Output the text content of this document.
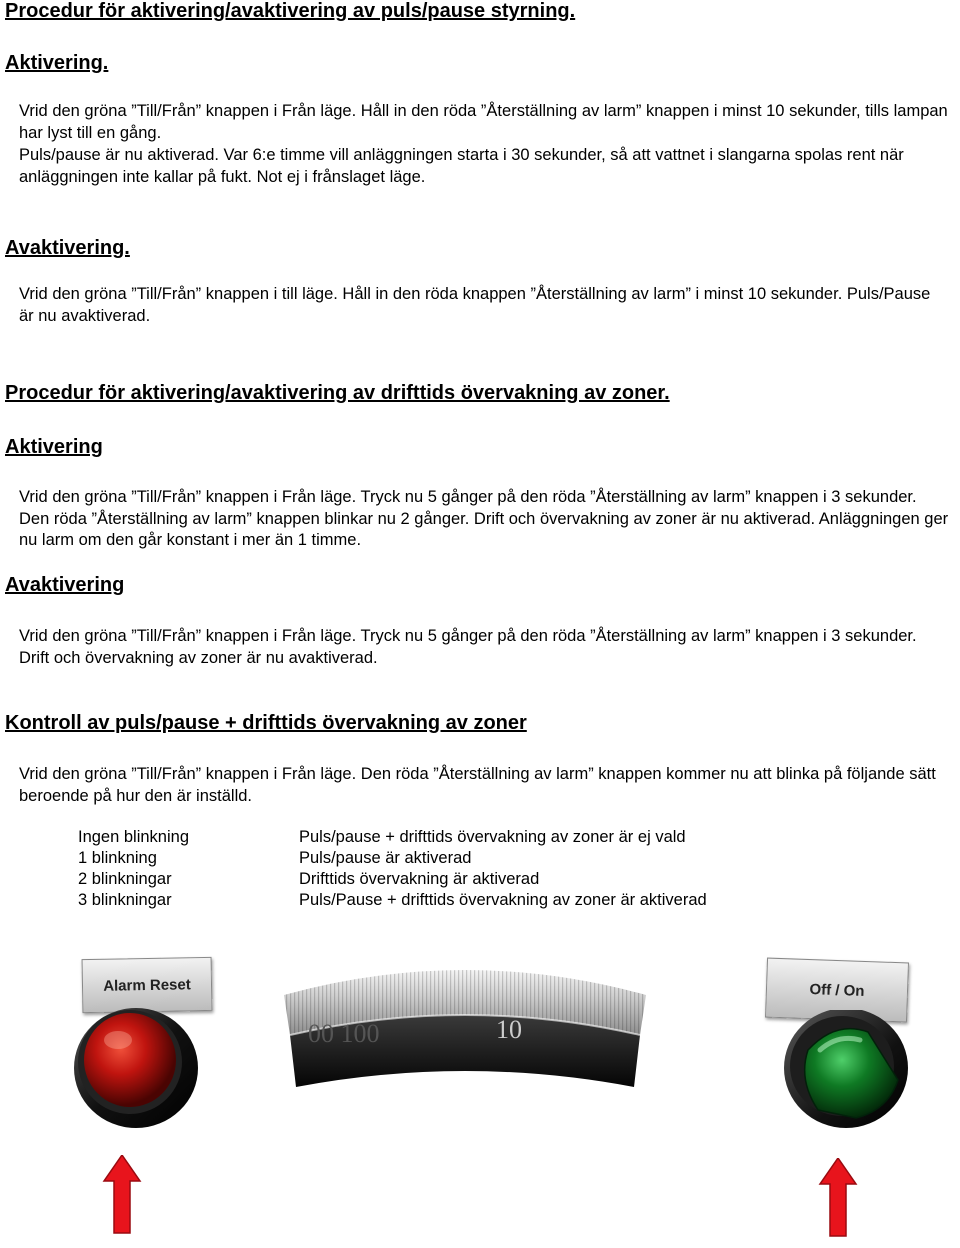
Procedur för aktivering/avaktivering av puls/pause styrning.
Aktivering.

Vrid den gröna ”Till/Från” knappen i Från läge. Håll in den röda ”Återställning av larm” knappen i minst 10 sekunder, tills lampan har lyst till en gång.

Puls/pause är nu aktiverad. Var 6:e timme vill anläggningen starta i 30 sekunder, så att vattnet i slangarna spolas rent när anläggningen inte kallar på fukt. Not ej i frånslaget läge.

Avaktivering.

Vrid den gröna ”Till/Från” knappen i till läge. Håll in den röda knappen ”Återställning av larm” i minst 10 sekunder. Puls/Pause är nu avaktiverad.

Procedur för aktivering/avaktivering av drifttids övervakning av zoner.
Aktivering

Vrid den gröna ”Till/Från” knappen i Från läge. Tryck nu 5 gånger på den röda ”Återställning av larm” knappen i 3 sekunder. Den röda ”Återställning av larm” knappen blinkar nu 2 gånger. Drift och övervakning av zoner är nu aktiverad. Anläggningen ger nu larm om den går konstant i mer än 1 timme.

Avaktivering

Vrid den gröna ”Till/Från” knappen i Från läge. Tryck nu 5 gånger på den röda ”Återställning av larm” knappen i 3 sekunder. Drift och övervakning av zoner är nu avaktiverad.

Kontroll av puls/pause + drifttids övervakning av zoner

Vrid den gröna ”Till/Från” knappen i Från läge. Den röda ”Återställning av larm” knappen kommer nu att blinka på följande sätt beroende på hur den är inställd.

Ingen blinkning	Puls/pause + drifttids övervakning av zoner är ej vald
1 blinkning	Puls/pause är aktiverad
2 blinkningar	Drifttids övervakning är aktiverad
3 blinkningar	Puls/Pause + drifttids övervakning av zoner är aktiverad
Alarm Reset
00 100	10
Off / On
